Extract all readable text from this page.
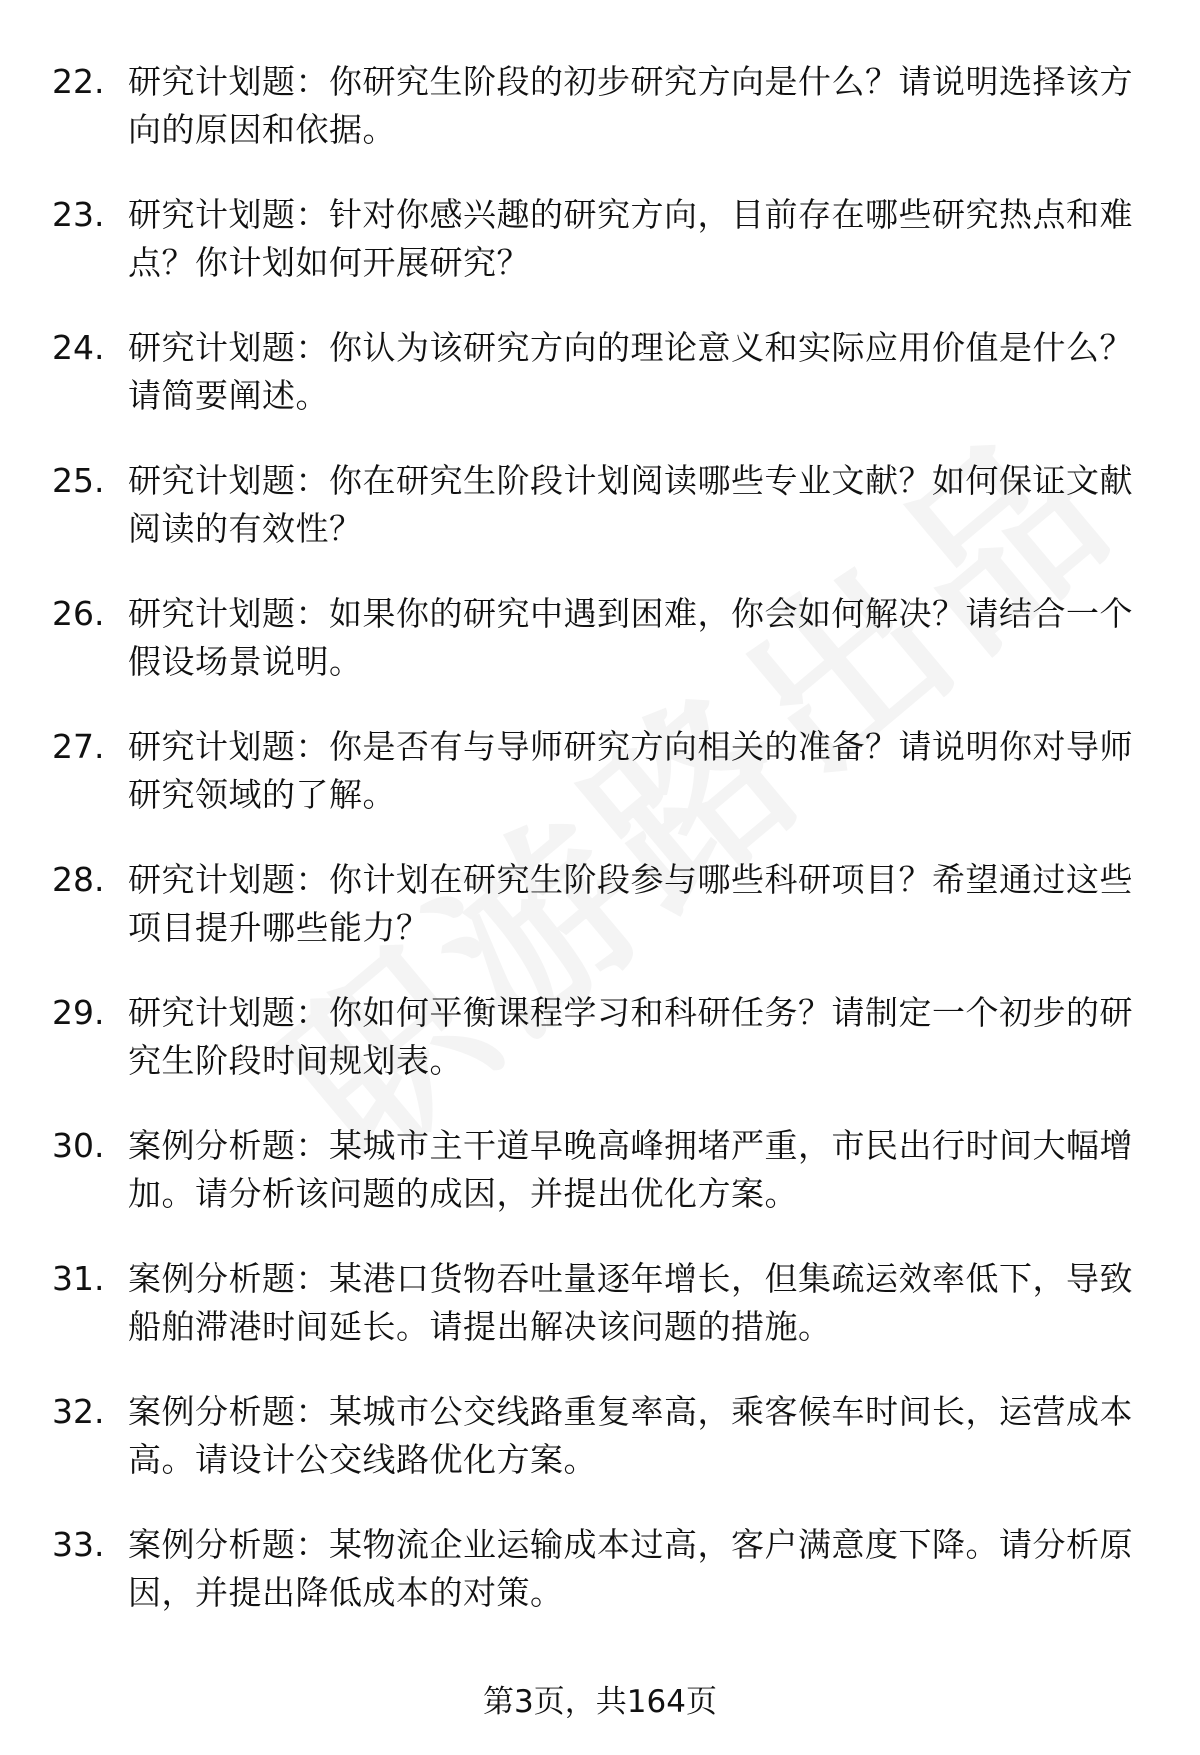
22. 研究计划题：你研究生阶段的初步研究方向是什么？请说明选择该方向的原因和依据。
23. 研究计划题：针对你感兴趣的研究方向，目前存在哪些研究热点和难点？你计划如何开展研究？
24. 研究计划题：你认为该研究方向的理论意义和实际应用价值是什么？请简要阐述。
25. 研究计划题：你在研究生阶段计划阅读哪些专业文献？如何保证文献阅读的有效性？
26. 研究计划题：如果你的研究中遇到困难，你会如何解决？请结合一个假设场景说明。
27. 研究计划题：你是否有与导师研究方向相关的准备？请说明你对导师研究领域的了解。
28. 研究计划题：你计划在研究生阶段参与哪些科研项目？希望通过这些项目提升哪些能力？
29. 研究计划题：你如何平衡课程学习和科研任务？请制定一个初步的研究生阶段时间规划表。
30. 案例分析题：某城市主干道早晚高峰拥堵严重，市民出行时间大幅增加。请分析该问题的成因，并提出优化方案。
31. 案例分析题：某港口货物吞吐量逐年增长，但集疏运效率低下，导致船舶滞港时间延长。请提出解决该问题的措施。
32. 案例分析题：某城市公交线路重复率高，乘客候车时间长，运营成本高。请设计公交线路优化方案。
33. 案例分析题：某物流企业运输成本过高，客户满意度下降。请分析原因，并提出降低成本的对策。
第3页，共164页
